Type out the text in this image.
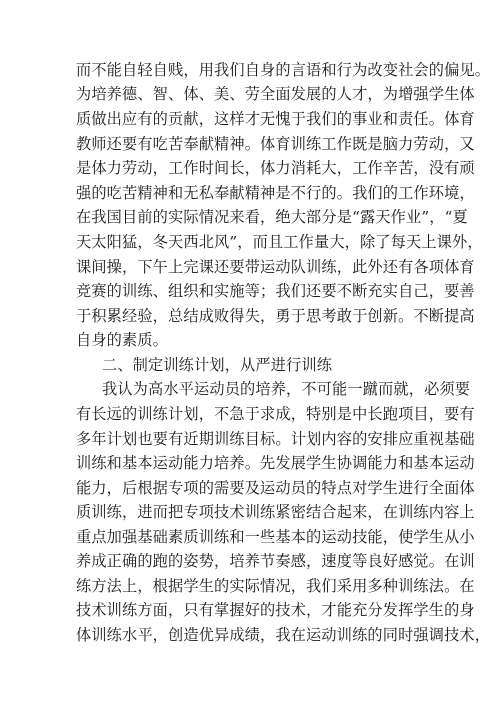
而不能自轻自贱，用我们自身的言语和行为改变社会的偏见。
为培养德、智、体、美、劳全面发展的人才，为增强学生体
质做出应有的贡献，这样才无愧于我们的事业和责任。体育
教师还要有吃苦奉献精神。体育训练工作既是脑力劳动，又
是体力劳动，工作时间长，体力消耗大，工作辛苦，没有顽
强的吃苦精神和无私奉献精神是不行的。我们的工作环境，
在我国目前的实际情况来看，绝大部分是“露天作业”，“夏
天太阳猛，冬天西北风”，而且工作量大，除了每天上课外，
课间操，下午上完课还要带运动队训练，此外还有各项体育
竞赛的训练、组织和实施等；我们还要不断充实自己，要善
于积累经验，总结成败得失，勇于思考敢于创新。不断提高
自身的素质。
二、制定训练计划，从严进行训练
我认为高水平运动员的培养，不可能一蹴而就，必须要
有长远的训练计划，不急于求成，特别是中长跑项目，要有
多年计划也要有近期训练目标。计划内容的安排应重视基础
训练和基本运动能力培养。先发展学生协调能力和基本运动
能力，后根据专项的需要及运动员的特点对学生进行全面体
质训练，进而把专项技术训练紧密结合起来，在训练内容上
重点加强基础素质训练和一些基本的运动技能，使学生从小
养成正确的跑的姿势，培养节奏感，速度等良好感觉。在训
练方法上，根据学生的实际情况，我们采用多种训练法。在
技术训练方面，只有掌握好的技术，才能充分发挥学生的身
体训练水平，创造优异成绩，我在运动训练的同时强调技术，
